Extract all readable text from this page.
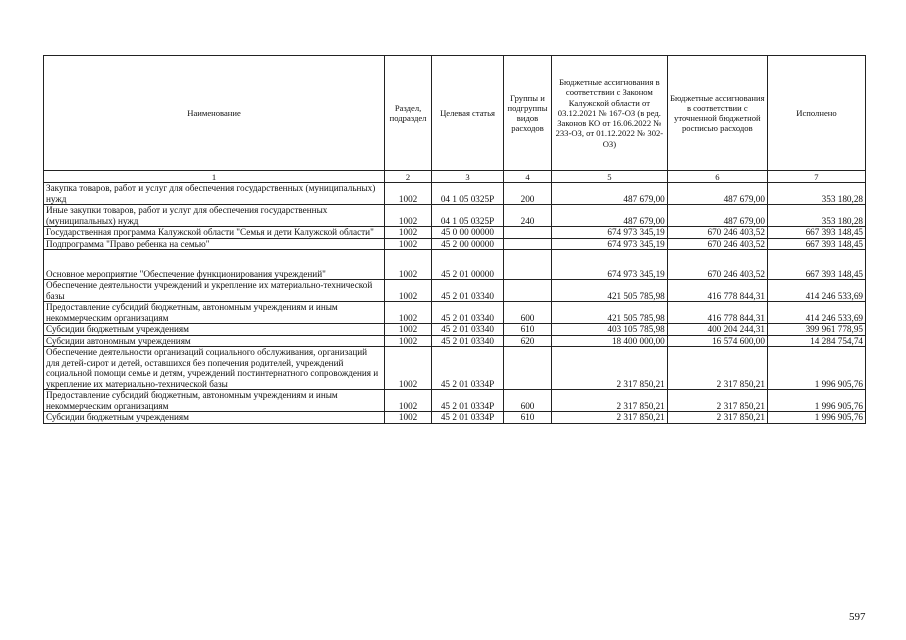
Наименование	Раздел, подраздел	Целевая статья	Группы и подгруппы видов расходов	Бюджетные ассигнования в соответствии с Законом Калужской области от 03.12.2021 № 167-ОЗ (в ред. Законов КО от 16.06.2022 № 233-ОЗ, от 01.12.2022 № 302-ОЗ)	Бюджетные ассигнования в соответствии с уточненной бюджетной росписью расходов	Исполнено
1	2	3	4	5	6	7
Закупка товаров, работ и услуг для обеспечения государственных (муниципальных) нужд	1002	04 1 05 0325Р	200	487 679,00	487 679,00	353 180,28
Иные закупки товаров, работ и услуг для обеспечения государственных (муниципальных) нужд	1002	04 1 05 0325Р	240	487 679,00	487 679,00	353 180,28
Государственная программа Калужской области "Семья и дети Калужской области"	1002	45 0 00 00000		674 973 345,19	670 246 403,52	667 393 148,45
Подпрограмма "Право ребенка на семью"	1002	45 2 00 00000		674 973 345,19	670 246 403,52	667 393 148,45
Основное мероприятие "Обеспечение функционирования учреждений"	1002	45 2 01 00000		674 973 345,19	670 246 403,52	667 393 148,45
Обеспечение деятельности учреждений и укрепление их материально-технической базы	1002	45 2 01 03340		421 505 785,98	416 778 844,31	414 246 533,69
Предоставление субсидий бюджетным, автономным учреждениям и иным некоммерческим организациям	1002	45 2 01 03340	600	421 505 785,98	416 778 844,31	414 246 533,69
Субсидии бюджетным учреждениям	1002	45 2 01 03340	610	403 105 785,98	400 204 244,31	399 961 778,95
Субсидии автономным учреждениям	1002	45 2 01 03340	620	18 400 000,00	16 574 600,00	14 284 754,74
Обеспечение деятельности организаций социального обслуживания, организаций для детей-сирот и детей, оставшихся без попечения родителей, учреждений социальной помощи семье и детям, учреждений постинтернатного сопровождения и укрепление их материально-технической базы	1002	45 2 01 0334Р		2 317 850,21	2 317 850,21	1 996 905,76
Предоставление субсидий бюджетным, автономным учреждениям и иным некоммерческим организациям	1002	45 2 01 0334Р	600	2 317 850,21	2 317 850,21	1 996 905,76
Субсидии бюджетным учреждениям	1002	45 2 01 0334Р	610	2 317 850,21	2 317 850,21	1 996 905,76
597
